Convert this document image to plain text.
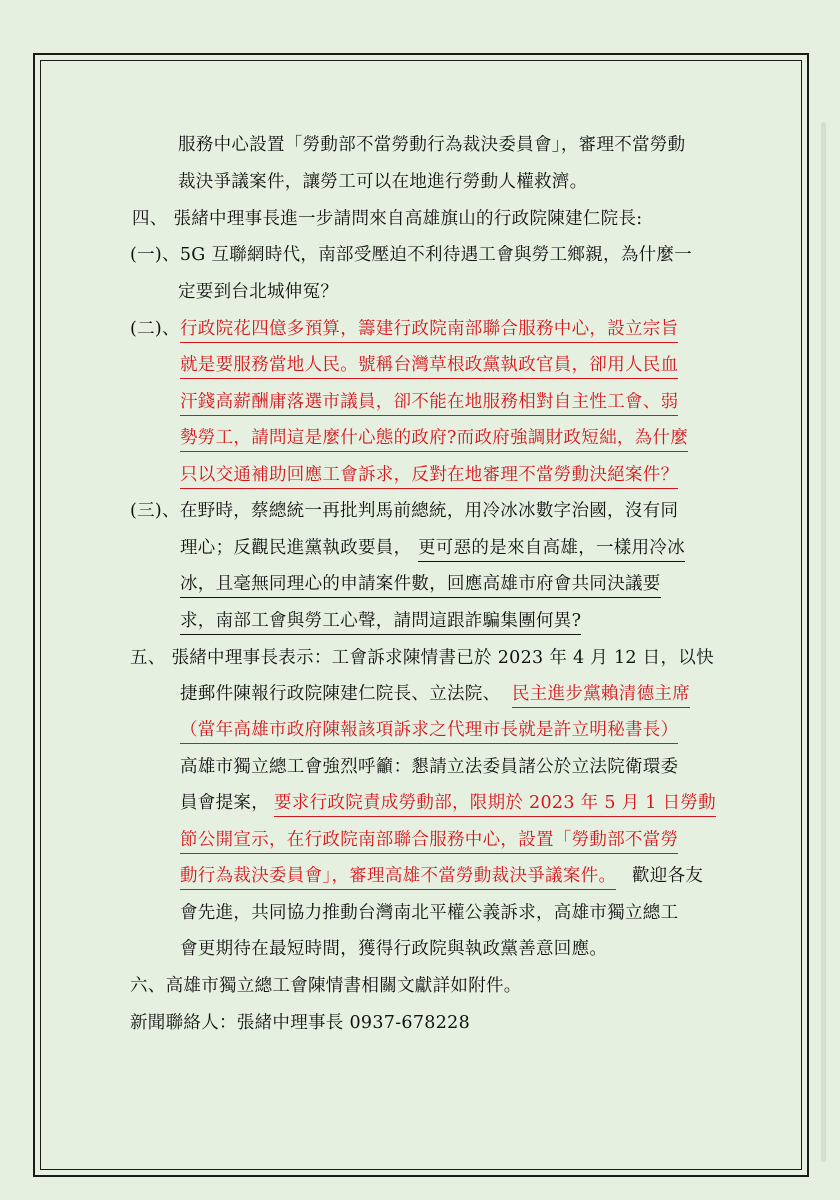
服務中心設置「勞動部不當勞動行為裁決委員會」，審理不當勞動
裁決爭議案件，讓勞工可以在地進行勞動人權救濟。
四、 張緒中理事長進一步請問來自高雄旗山的行政院陳建仁院長:
(一)、5G 互聯網時代，南部受壓迫不利待遇工會與勞工鄉親，為什麼一
定要到台北城伸冤？
(二)、 行政院花四億多預算，籌建行政院南部聯合服務中心，設立宗旨
就是要服務當地人民。號稱台灣草根政黨執政官員，卻用人民血
汗錢高薪酬庸落選市議員，卻不能在地服務相對自主性工會、弱
勢勞工，請問這是麼什心態的政府?而政府強調財政短絀，為什麼
只以交通補助回應工會訴求，反對在地審理不當勞動決絕案件？
(三)、在野時，蔡總統一再批判馬前總統，用冷冰冰數字治國，沒有同
理心；反觀民進黨執政要員， 更可惡的是來自高雄，一樣用冷冰
冰，且毫無同理心的申請案件數，回應高雄市府會共同決議要
求，南部工會與勞工心聲，請問這跟詐騙集團何異?
五、 張緒中理事長表示：工會訴求陳情書已於 2023 年 4 月 12 日，以快
捷郵件陳報行政院陳建仁院長、立法院、 民主進步黨賴清德主席
（當年高雄市政府陳報該項訴求之代理市長就是許立明秘書長）
高雄市獨立總工會強烈呼籲：懇請立法委員諸公於立法院衛環委
員會提案， 要求行政院責成勞動部，限期於 2023 年 5 月 1 日勞動
節公開宣示，在行政院南部聯合服務中心，設置「勞動部不當勞
動行為裁決委員會」，審理高雄不當勞動裁決爭議案件。 歡迎各友
會先進，共同協力推動台灣南北平權公義訴求，高雄市獨立總工
會更期待在最短時間，獲得行政院與執政黨善意回應。
六、高雄市獨立總工會陳情書相關文獻詳如附件。
新聞聯絡人：張緒中理事長 0937-678228
